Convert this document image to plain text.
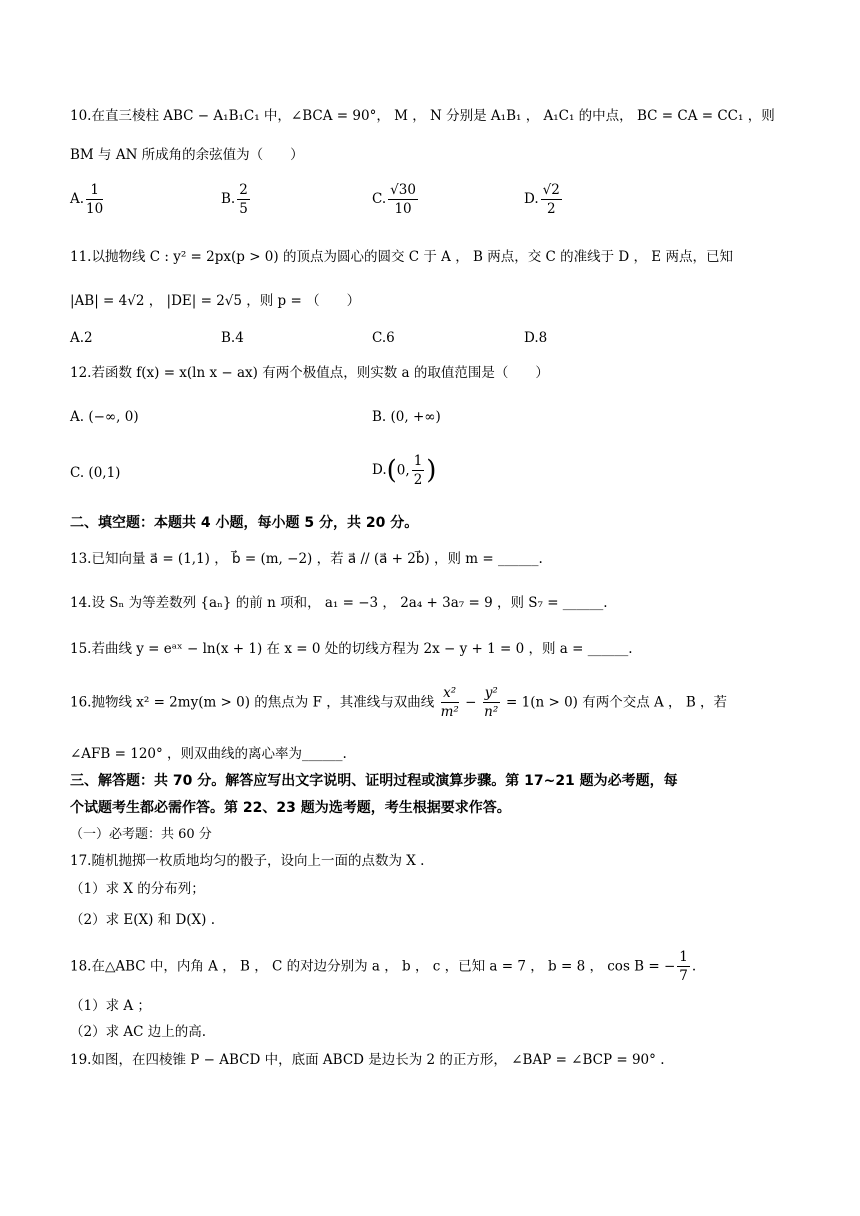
10.在直三棱柱 ABC − A₁B₁C₁ 中，∠BCA = 90°， M ， N 分别是 A₁B₁ ， A₁C₁ 的中点， BC = CA = CC₁ ，则
BM 与 AN 所成角的余弦值为（　　）
A. $\frac{1}{10}$	B. $\frac{2}{5}$	C. $\frac{√30}{10}$	D. $\frac{√2}{2}$
11.以抛物线 C : y² = 2px(p > 0) 的顶点为圆心的圆交 C 于 A ， B 两点，交 C 的准线于 D ， E 两点，已知
|AB| = 4√2 ， |DE| = 2√5 ，则 p = （　　）
A.2	B.4	C.6	D.8
12.若函数 f(x) = x(ln x − ax) 有两个极值点，则实数 a 的取值范围是（　　）
A. (−∞, 0)	B. (0, +∞)
C. (0,1)	D.(0, $\frac{1}{2}$ )
二、填空题：本题共 4 小题，每小题 5 分，共 20 分。
13.已知向量 a⃗ = (1,1) ， b⃗ = (m, −2) ，若 a⃗ // (a⃗ + 2b⃗) ，则 m = ______.
14.设 Sₙ 为等差数列 {aₙ} 的前 n 项和， a₁ = −3 ， 2a₄ + 3a₇ = 9 ，则 S₇ = ______.
15.若曲线 y = eᵃˣ − ln(x + 1) 在 x = 0 处的切线方程为 2x − y + 1 = 0 ，则 a = ______.
16.抛物线 x² = 2my(m > 0) 的焦点为 F ，其准线与双曲线 $\frac{\text{x²}}{\text{m²}} - \frac{\text{y²}}{\text{n²}} = 1(n > 0)$ 有两个交点 A ， B ，若
∠AFB = 120° ，则双曲线的离心率为______.
三、解答题：共 70 分。解答应写出文字说明、证明过程或演算步骤。第 17~21 题为必考题，每
个试题考生都必需作答。第 22、23 题为选考题，考生根据要求作答。
（一）必考题：共 60 分
17.随机抛掷一枚质地均匀的骰子，设向上一面的点数为 X .
（1）求 X 的分布列；
（2）求 E(X) 和 D(X) .
18.在△ABC 中，内角 A ， B ， C 的对边分别为 a ， b ， c ，已知 a = 7 ， b = 8 ， cos B = − $\frac{1}{7}$ .
（1）求 A ；
（2）求 AC 边上的高.
19.如图，在四棱锥 P − ABCD 中，底面 ABCD 是边长为 2 的正方形， ∠BAP = ∠BCP = 90° .
